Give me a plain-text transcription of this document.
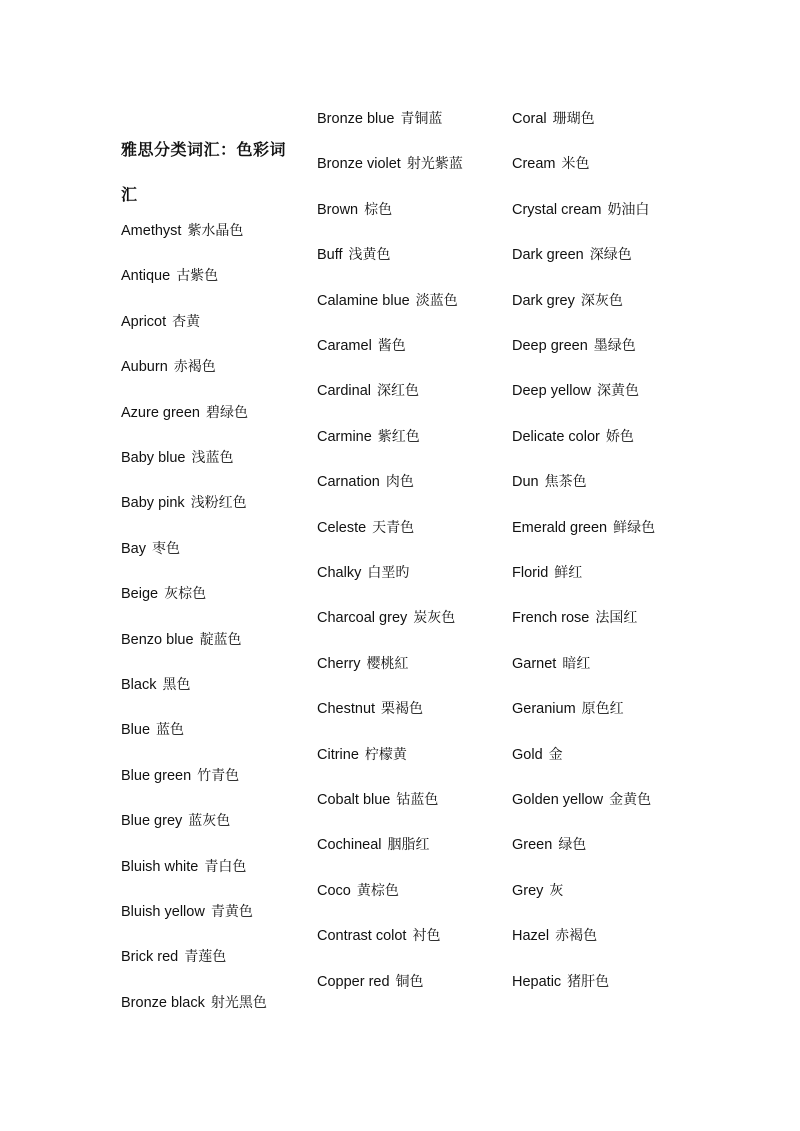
雅思分类词汇：色彩词汇
Amethyst 紫水晶色
Antique 古紫色
Apricot 杏黄
Auburn 赤褐色
Azure green 碧绿色
Baby blue 浅蓝色
Baby pink 浅粉红色
Bay 枣色
Beige 灰棕色
Benzo blue 靛蓝色
Black 黑色
Blue 蓝色
Blue green 竹青色
Blue grey 蓝灰色
Bluish white 青白色
Bluish yellow 青黄色
Brick red 青莲色
Bronze black 射光黑色
Bronze blue 青铜蓝
Bronze violet 射光紫蓝
Brown 棕色
Buff 浅黄色
Calamine blue 淡蓝色
Caramel 酱色
Cardinal 深红色
Carmine 紫红色
Carnation 肉色
Celeste 天青色
Chalky 白垩旳
Charcoal grey 炭灰色
Cherry 樱桃紅
Chestnut 栗褐色
Citrine 柠檬黄
Cobalt blue 钴蓝色
Cochineal 胭脂红
Coco 黄棕色
Contrast colot 衬色
Copper red 铜色
Coral 珊瑚色
Cream 米色
Crystal cream 奶油白
Dark green 深绿色
Dark grey 深灰色
Deep green 墨绿色
Deep yellow 深黄色
Delicate color 娇色
Dun 焦茶色
Emerald green 鲜绿色
Florid 鲜红
French rose 法国红
Garnet 暗红
Geranium 原色红
Gold 金
Golden yellow 金黄色
Green 绿色
Grey 灰
Hazel 赤褐色
Hepatic 猪肝色
